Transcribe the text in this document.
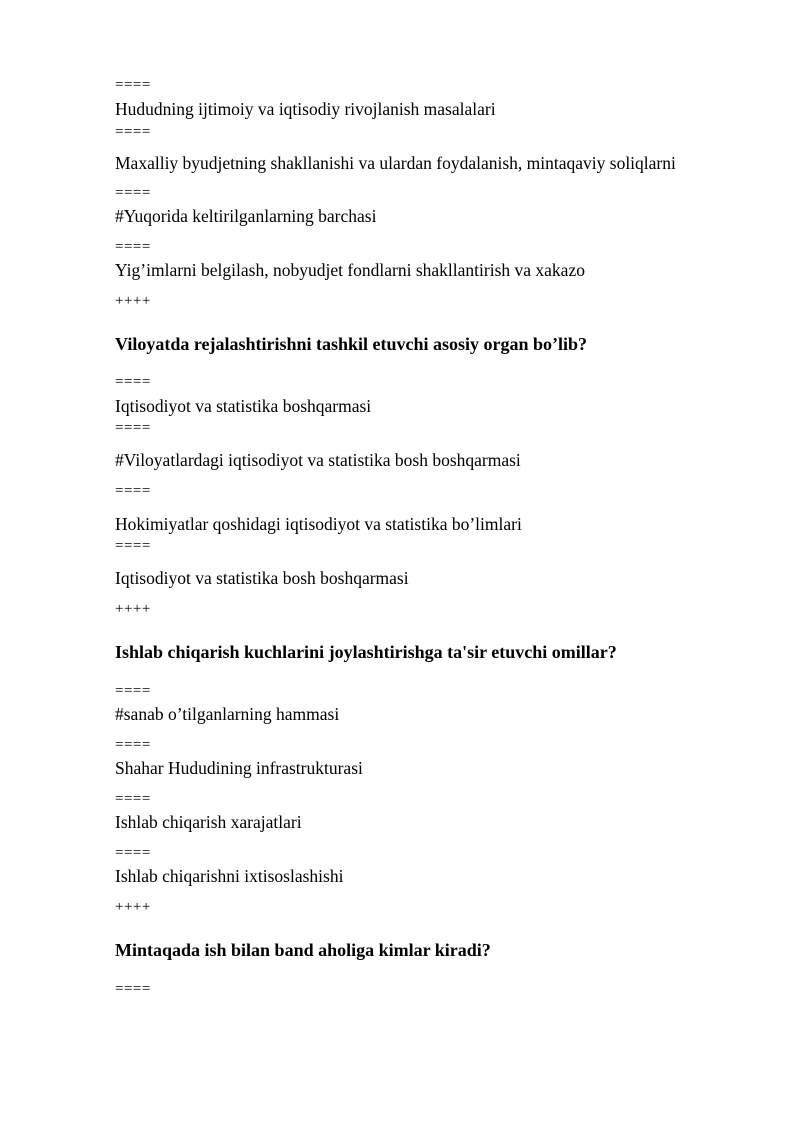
====
Hududning ijtimoiy va iqtisodiy rivojlanish masalalari
====
Maxalliy byudjetning shakllanishi va ulardan foydalanish, mintaqaviy soliqlarni
====
#Yuqorida keltirilganlarning barchasi
====
Yig’imlarni belgilash, nobyudjet fondlarni shakllantirish va xakazo
++++
Viloyatda rejalashtirishni tashkil etuvchi asosiy organ bo’lib?
====
Iqtisodiyot va statistika boshqarmasi
====
#Viloyatlardagi iqtisodiyot va statistika bosh boshqarmasi
====
Hokimiyatlar qoshidagi iqtisodiyot va statistika bo’limlari
====
Iqtisodiyot va statistika bosh boshqarmasi
++++
Ishlab chiqarish kuchlarini joylashtirishga ta'sir etuvchi omillar?
====
#sanab o’tilganlarning hammasi
====
Shahar Hududining infrastrukturasi
====
Ishlab chiqarish xarajatlari
====
Ishlab chiqarishni ixtisoslashishi
++++
Mintaqada ish bilan band aholiga kimlar kiradi?
====
